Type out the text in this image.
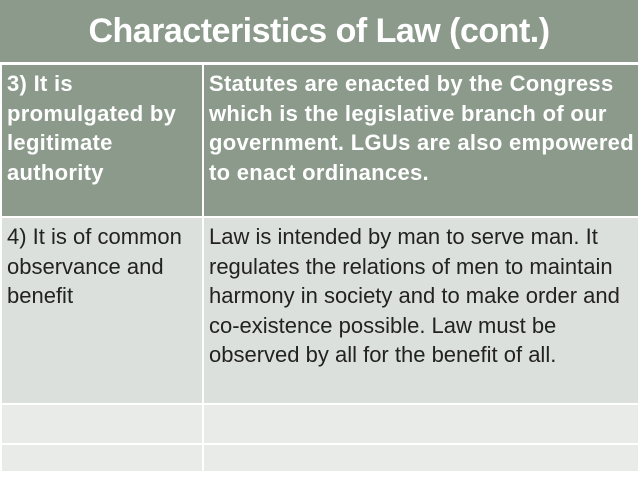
Characteristics of Law (cont.)
3) It is promulgated by legitimate authority	Statutes are enacted by the Congress which is the legislative branch of our government. LGUs are also empowered to enact ordinances.
4) It is of common observance and benefit	Law is intended by man to serve man. It regulates the relations of men to maintain harmony in society and to make order and co-existence possible. Law must be observed by all for the benefit of all.
